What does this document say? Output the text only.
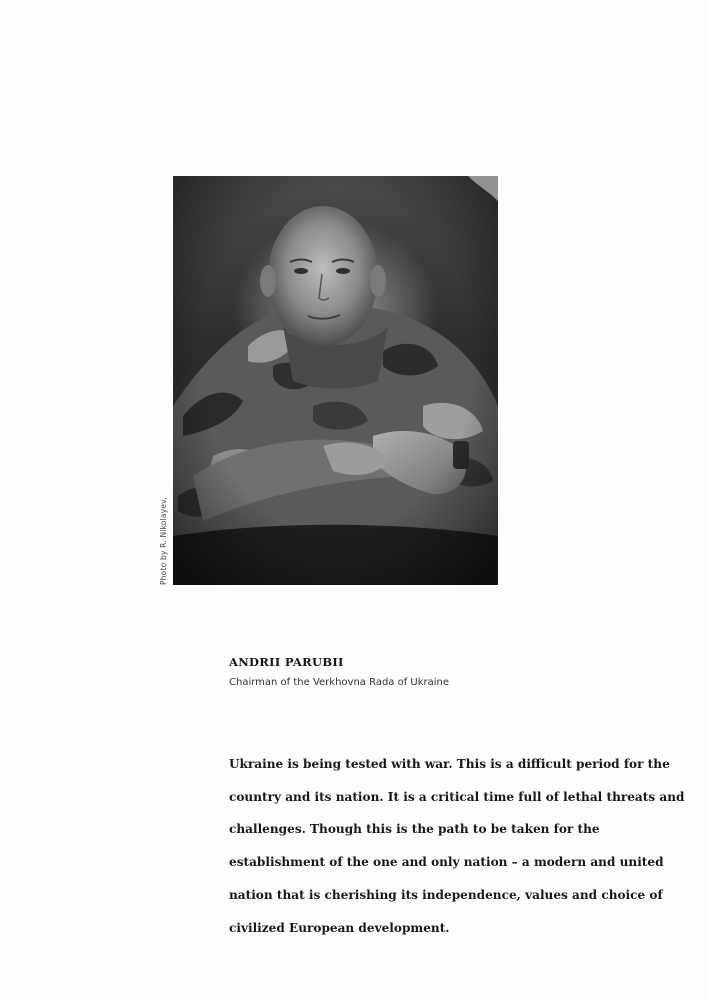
Photo by R. Nikolayev.
ANDRII PARUBII

Chairman of the Verkhovna Rada of Ukraine

Ukraine is being tested with war. This is a difficult period for the country and its nation. It is a critical time full of lethal threats and challenges. Though this is the path to be taken for the establishment of the one and only nation – a modern and united nation that is cherishing its independence, values and choice of civilized European development.
